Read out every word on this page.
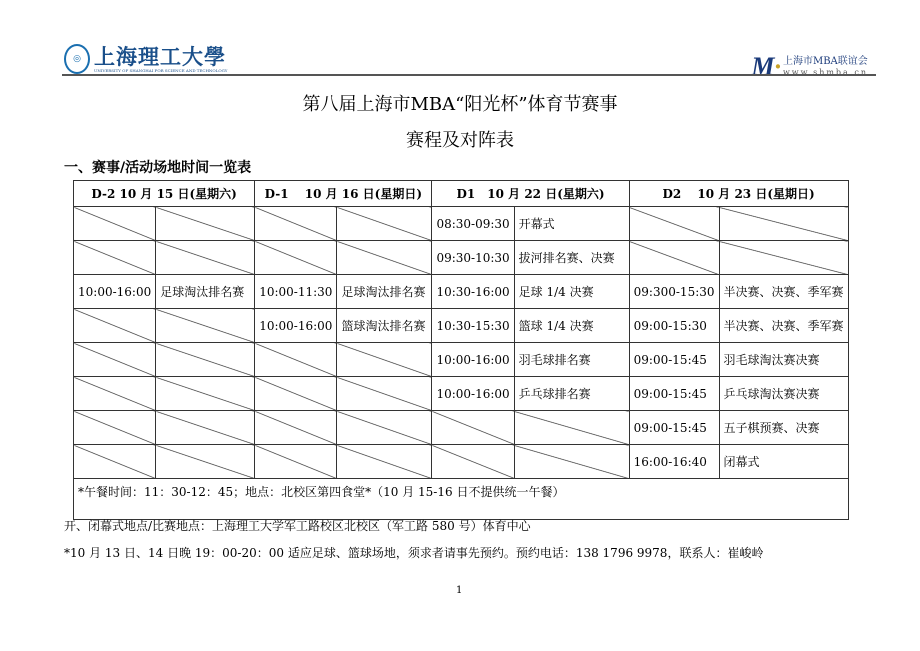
◎ 上海理工大學
UNIVERSITY OF SHANGHAI FOR SCIENCE AND TECHNOLOGY	M· 上海市MBA联谊会
www.shmba.cn
第八届上海市MBA“阳光杯”体育节赛事
赛程及对阵表
一、赛事/活动场地时间一览表
D-2 10 月 15 日(星期六)		D-1　 10 月 16 日(星期日)		D1　10 月 22 日(星期六)		D2　 10 月 23 日(星期日)	
				08:30-09:30	开幕式		
				09:30-10:30	拔河排名赛、决赛		
10:00-16:00	足球淘汰排名赛	10:00-11:30	足球淘汰排名赛	10:30-16:00	足球 1/4 决赛	09:300-15:30	半决赛、决赛、季军赛
		10:00-16:00	篮球淘汰排名赛	10:30-15:30	篮球 1/4 决赛	09:00-15:30	半决赛、决赛、季军赛
				10:00-16:00	羽毛球排名赛	09:00-15:45	羽毛球淘汰赛决赛
				10:00-16:00	乒乓球排名赛	09:00-15:45	乒乓球淘汰赛决赛
						09:00-15:45	五子棋预赛、决赛
						16:00-16:40	闭幕式
*午餐时间：11：30-12：45；地点：北校区第四食堂*（10 月 15-16 日不提供统一午餐）							
开、闭幕式地点/比赛地点：上海理工大学军工路校区北校区（军工路 580 号）体育中心
*10 月 13 日、14 日晚 19：00-20：00 适应足球、篮球场地，须求者请事先预约。预约电话：138 1796 9978，联系人：崔峻岭
1
